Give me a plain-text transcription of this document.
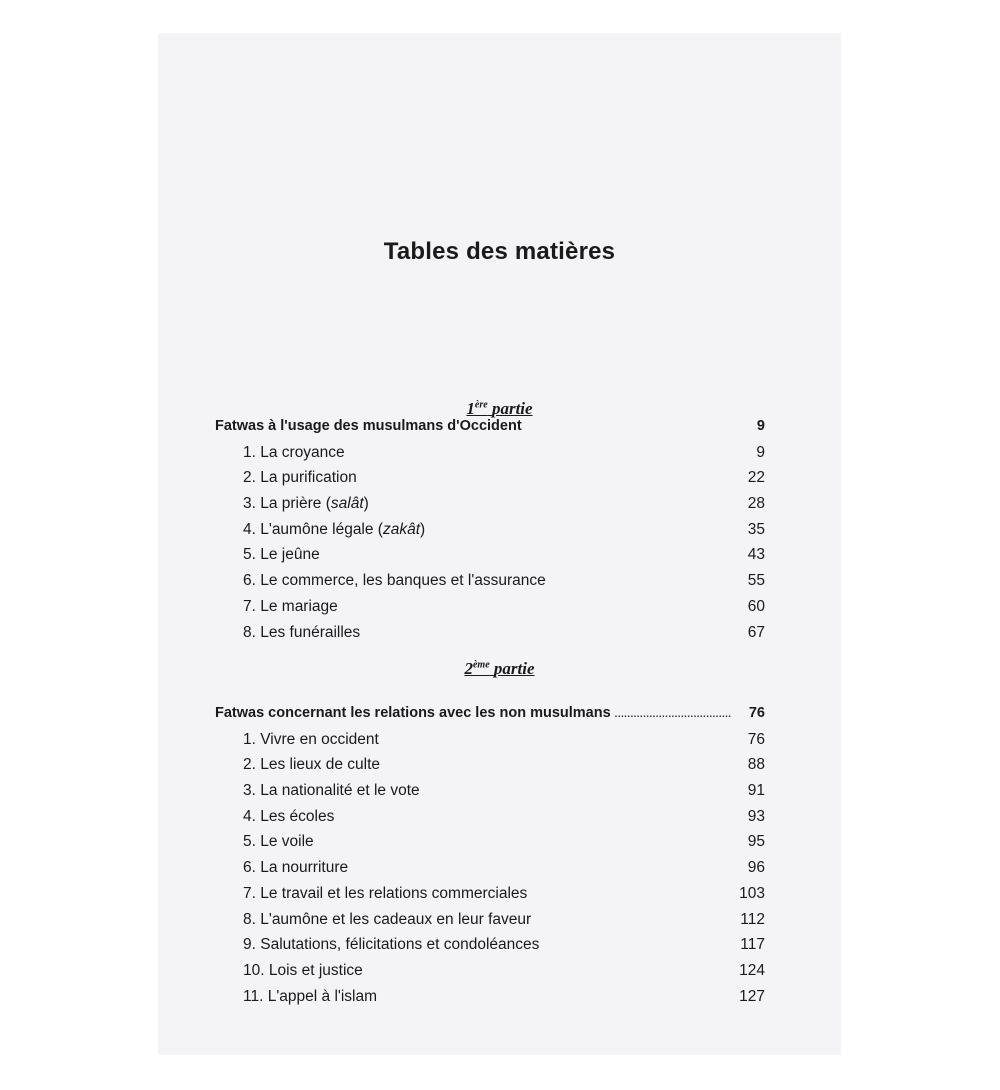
Tables des matières
1ère partie
Fatwas à l'usage des musulmans d'Occident	9
1. La croyance	9
2. La purification	22
3. La prière (salât)	28
4. L'aumône légale (zakât)	35
5. Le jeûne	43
6. Le commerce, les banques et l'assurance	55
7. Le mariage	60
8. Les funérailles	67
2ème partie
Fatwas concernant les relations avec les non musulmans . . .	76
1. Vivre en occident	76
2. Les lieux de culte	88
3. La nationalité et le vote	91
4. Les écoles	93
5. Le voile	95
6. La nourriture	96
7. Le travail et les relations commerciales	103
8. L'aumône et les cadeaux en leur faveur	112
9. Salutations, félicitations et condoléances	117
10. Lois et justice	124
11. L'appel à l'islam	127
